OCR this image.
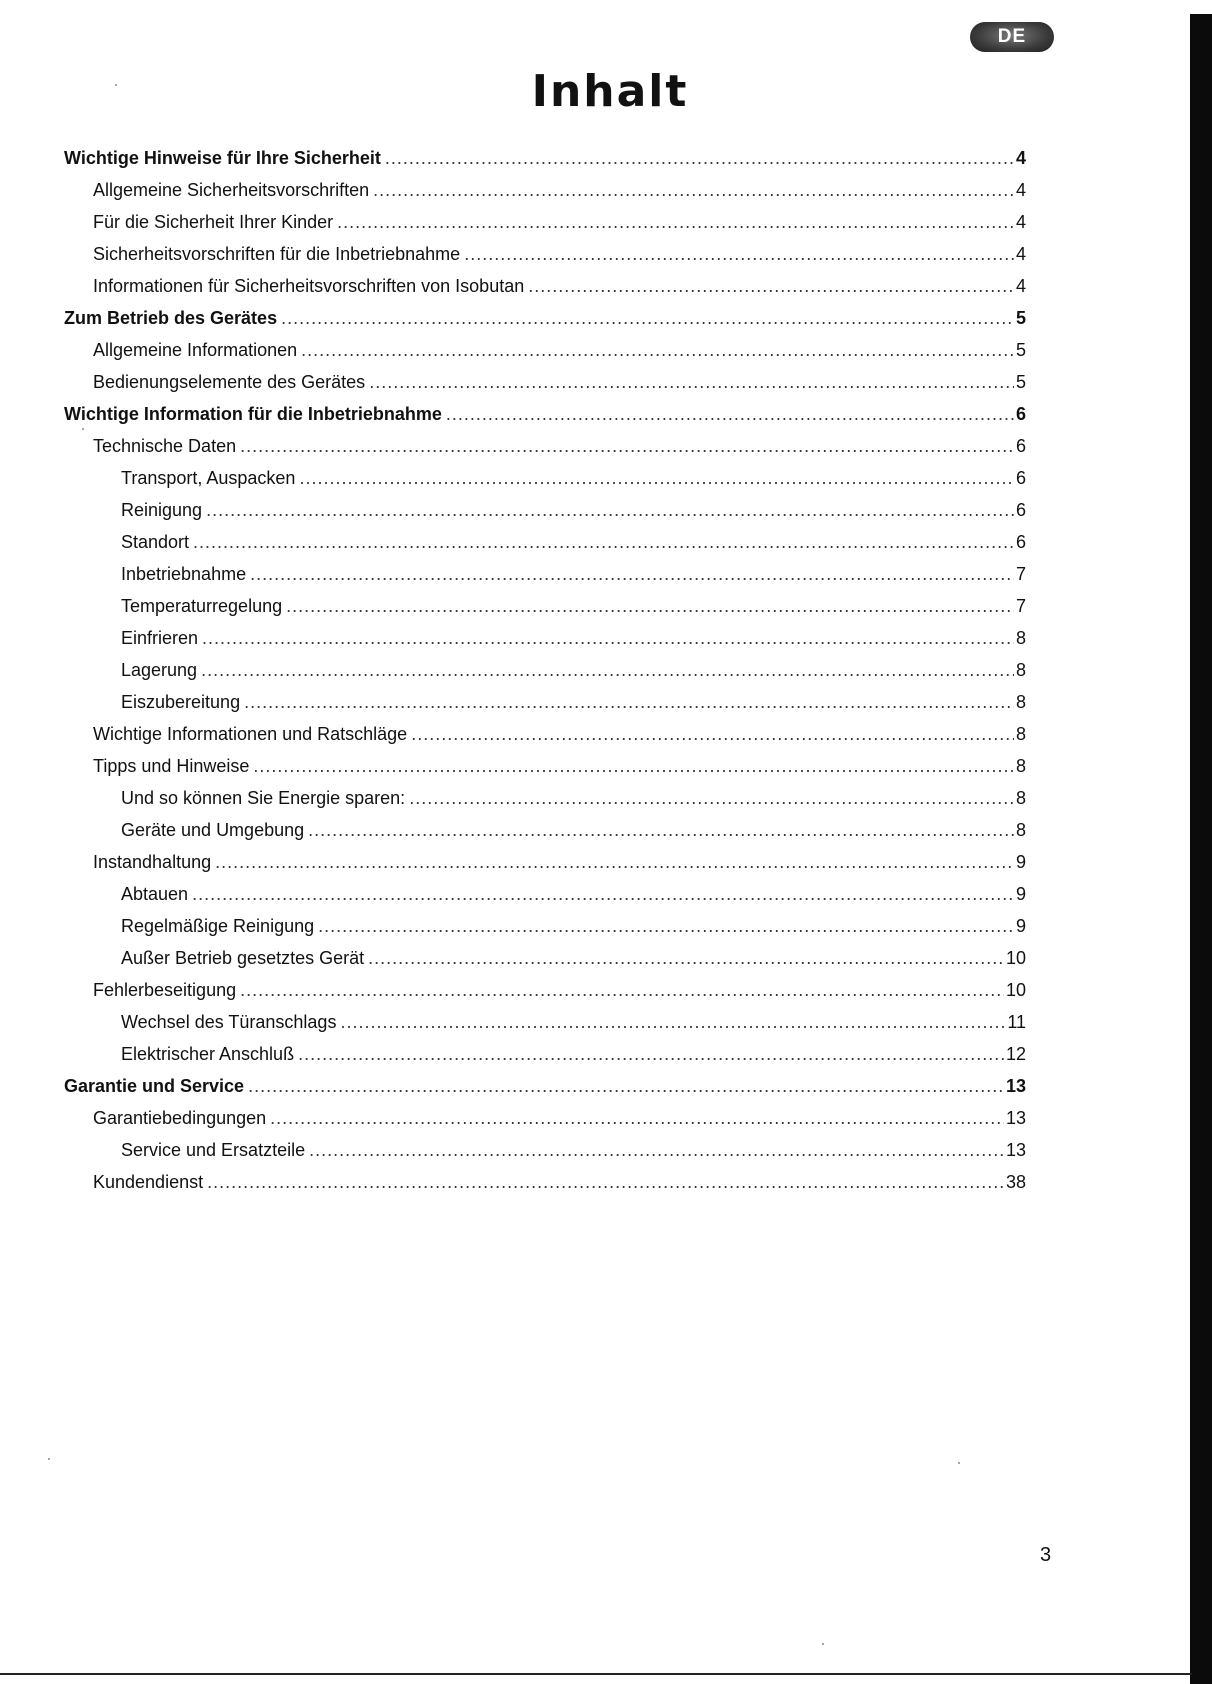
DE
Inhalt
Wichtige Hinweise für Ihre Sicherheit .....	4
Allgemeine Sicherheitsvorschriften .....	4
Für die Sicherheit Ihrer Kinder .....	4
Sicherheitsvorschriften für die Inbetriebnahme .....	4
Informationen für Sicherheitsvorschriften von Isobutan .....	4
Zum Betrieb des Gerätes .....	5
Allgemeine Informationen .....	5
Bedienungselemente des Gerätes .....	5
Wichtige Information für die Inbetriebnahme .....	6
Technische Daten .....	6
Transport, Auspacken .....	6
Reinigung .....	6
Standort .....	6
Inbetriebnahme .....	7
Temperaturregelung .....	7
Einfrieren .....	8
Lagerung .....	8
Eiszubereitung .....	8
Wichtige Informationen und Ratschläge .....	8
Tipps und Hinweise .....	8
Und so können Sie Energie sparen: .....	8
Geräte und Umgebung .....	8
Instandhaltung .....	9
Abtauen .....	9
Regelmäßige Reinigung .....	9
Außer Betrieb gesetztes Gerät .....	10
Fehlerbeseitigung .....	10
Wechsel des Türanschlags .....	11
Elektrischer Anschluß .....	12
Garantie und Service .....	13
Garantiebedingungen .....	13
Service und Ersatzteile .....	13
Kundendienst .....	38
3
